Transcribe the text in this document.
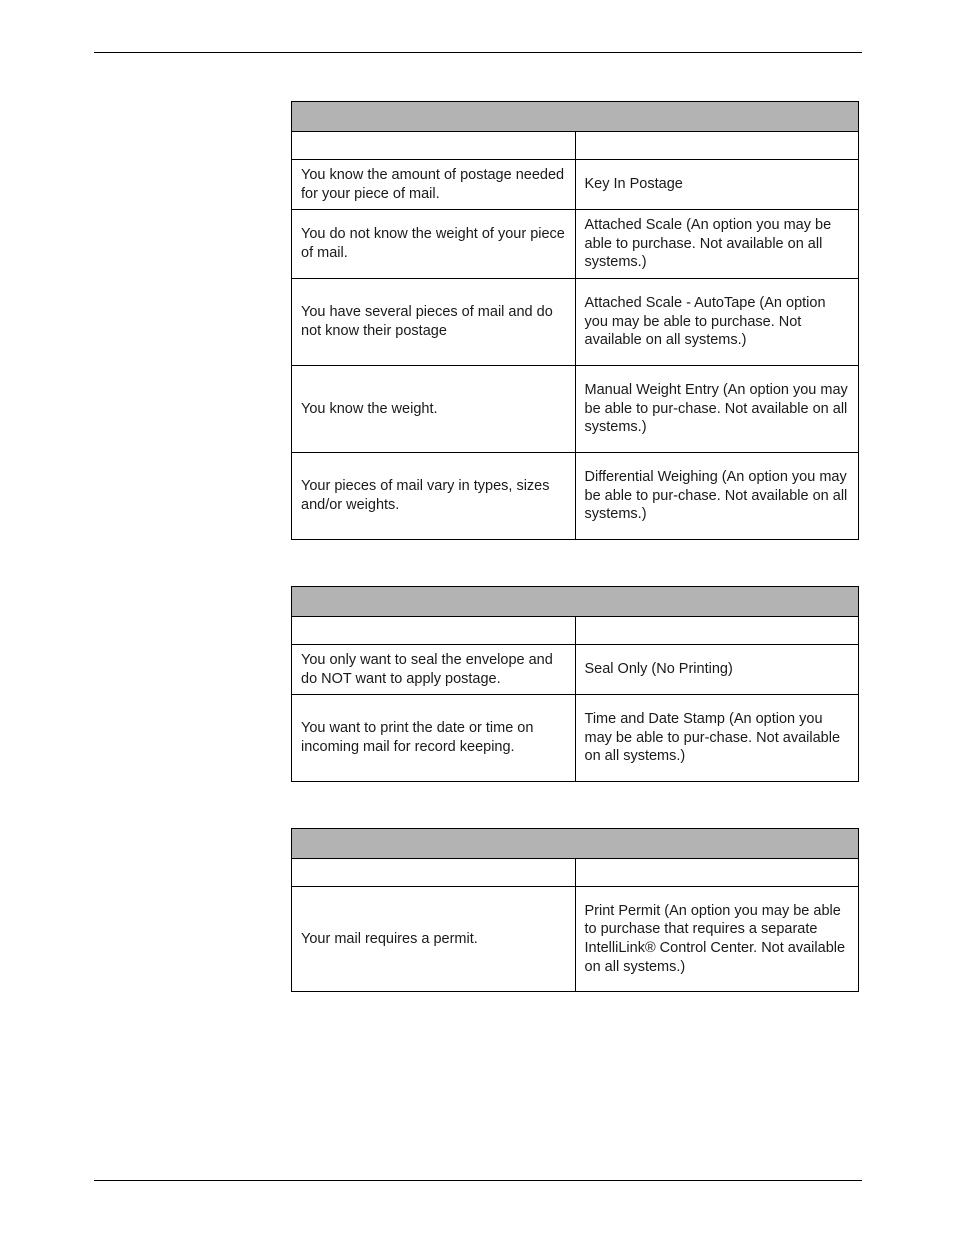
You know the amount of postage needed for your piece of mail.	Key In Postage
You do not know the weight of your piece of mail.	Attached Scale (An option you may be able to purchase. Not available on all systems.)
You have several pieces of mail and do not know their postage	Attached Scale - AutoTape (An option you may be able to purchase. Not available on all systems.)
You know the weight.	Manual Weight Entry (An option you may be able to pur-chase. Not available on all systems.)
Your pieces of mail vary in types, sizes and/or weights.	Differential Weighing (An option you may be able to pur-chase. Not available on all systems.)

You only want to seal the envelope and do NOT want to apply postage.	Seal Only (No Printing)
You want to print the date or time on incoming mail for record keeping.	Time and Date Stamp (An option you may be able to pur-chase. Not available on all systems.)

Your mail requires a permit.	Print Permit (An option you may be able to purchase that requires a separate IntelliLink® Control Center. Not available on all systems.)
